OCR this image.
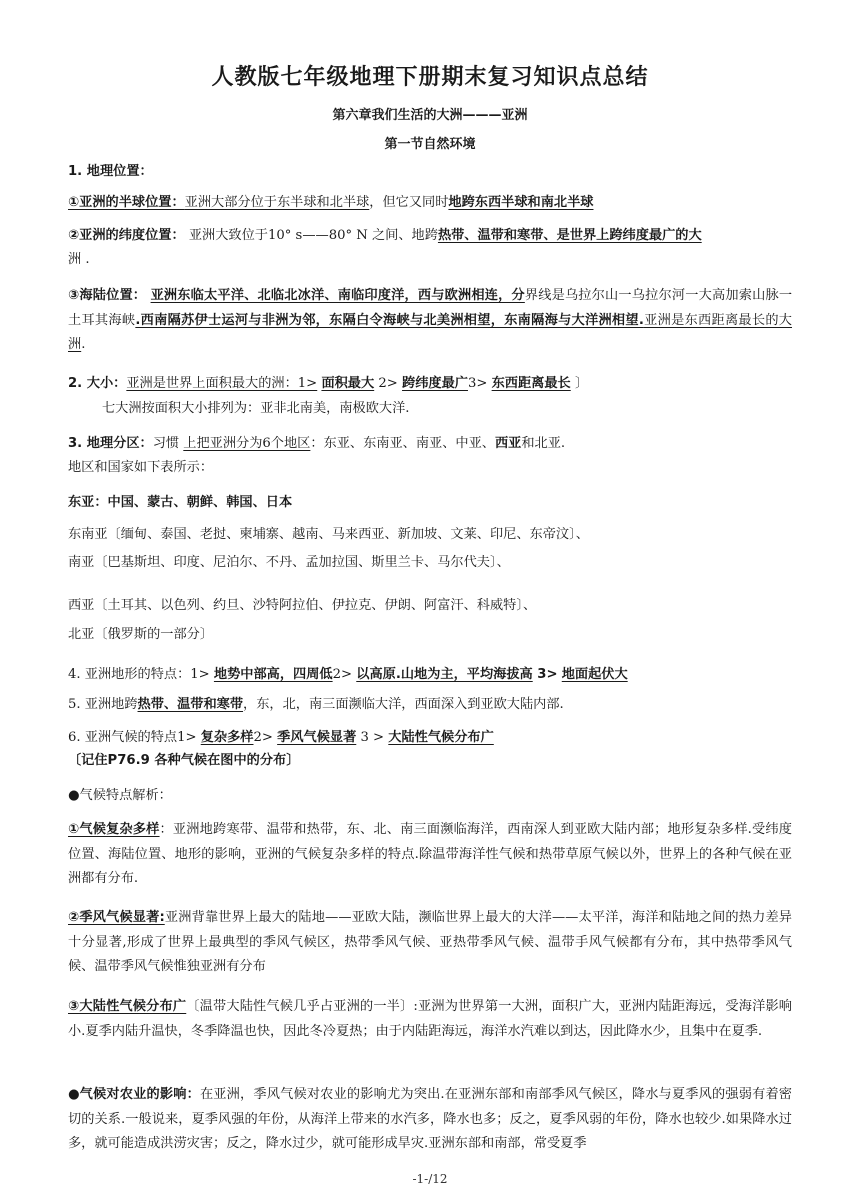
人教版七年级地理下册期末复习知识点总结
第六章我们生活的大洲———亚洲
第一节自然环境
1. 地理位置：
①亚洲的半球位置：亚洲大部分位于东半球和北半球，但它又同时地跨东西半球和南北半球
②亚洲的纬度位置： 亚洲大致位于10° s——80° N 之间、地跨热带、温带和寒带、是世界上跨纬度最广的大
洲 .
③海陆位置： 亚洲东临太平洋、北临北冰洋、南临印度洋，西与欧洲相连，分界线是乌拉尔山一乌拉尔河一大高加索山脉一土耳其海峡.西南隔苏伊士运河与非洲为邻，东隔白令海峡与北美洲相望，东南隔海与大洋洲相望.亚洲是东西距离最长的大洲.
2. 大小：亚洲是世界上面积最大的洲：1> 面积最大 2> 跨纬度最广3> 东西距离最长 〕
七大洲按面积大小排列为：亚非北南美，南极欧大洋.
3. 地理分区：习惯 上把亚洲分为6个地区：东亚、东南亚、南亚、中亚、西亚和北亚.
地区和国家如下表所示：
东亚：中国、蒙古、朝鲜、韩国、日本
东南亚〔缅甸、泰国、老挝、柬埔寨、越南、马来西亚、新加坡、文莱、印尼、东帝汶〕、
南亚〔巴基斯坦、印度、尼泊尔、不丹、孟加拉国、斯里兰卡、马尔代夫〕、
西亚〔土耳其、以色列、约旦、沙特阿拉伯、伊拉克、伊朗、阿富汗、科威特〕、
北亚〔俄罗斯的一部分〕
4. 亚洲地形的特点：1> 地势中部高，四周低2> 以高原.山地为主，平均海拔高 3> 地面起伏大
5. 亚洲地跨热带、温带和寒带，东，北，南三面濒临大洋，西面深入到亚欧大陆内部.
6. 亚洲气候的特点1> 复杂多样2> 季风气候显著 3 > 大陆性气候分布广
〔记住P76.9 各种气候在图中的分布〕
●气候特点解析：
①气候复杂多样：亚洲地跨寒带、温带和热带，东、北、南三面濒临海洋，西南深人到亚欧大陆内部；地形复杂多样.受纬度位置、海陆位置、地形的影响，亚洲的气候复杂多样的特点.除温带海洋性气候和热带草原气候以外，世界上的各种气候在亚洲都有分布.
②季风气候显著:亚洲背靠世界上最大的陆地——亚欧大陆，濒临世界上最大的大洋——太平洋，海洋和陆地之间的热力差异十分显著,形成了世界上最典型的季风气候区，热带季风气候、亚热带季风气候、温带手风气候都有分布，其中热带季风气候、温带季风气候惟独亚洲有分布
③大陆性气候分布广〔温带大陆性气候几乎占亚洲的一半〕:亚洲为世界第一大洲，面积广大，亚洲内陆距海远，受海洋影响小.夏季内陆升温快，冬季降温也快，因此冬冷夏热；由于内陆距海远，海洋水汽难以到达，因此降水少，且集中在夏季.
●气候对农业的影响：在亚洲，季风气候对农业的影响尤为突出.在亚洲东部和南部季风气候区，降水与夏季风的强弱有着密切的关系.一般说来，夏季风强的年份，从海洋上带来的水汽多，降水也多；反之，夏季风弱的年份，降水也较少.如果降水过多，就可能造成洪涝灾害；反之，降水过少，就可能形成旱灾.亚洲东部和南部，常受夏季
-1-/12
